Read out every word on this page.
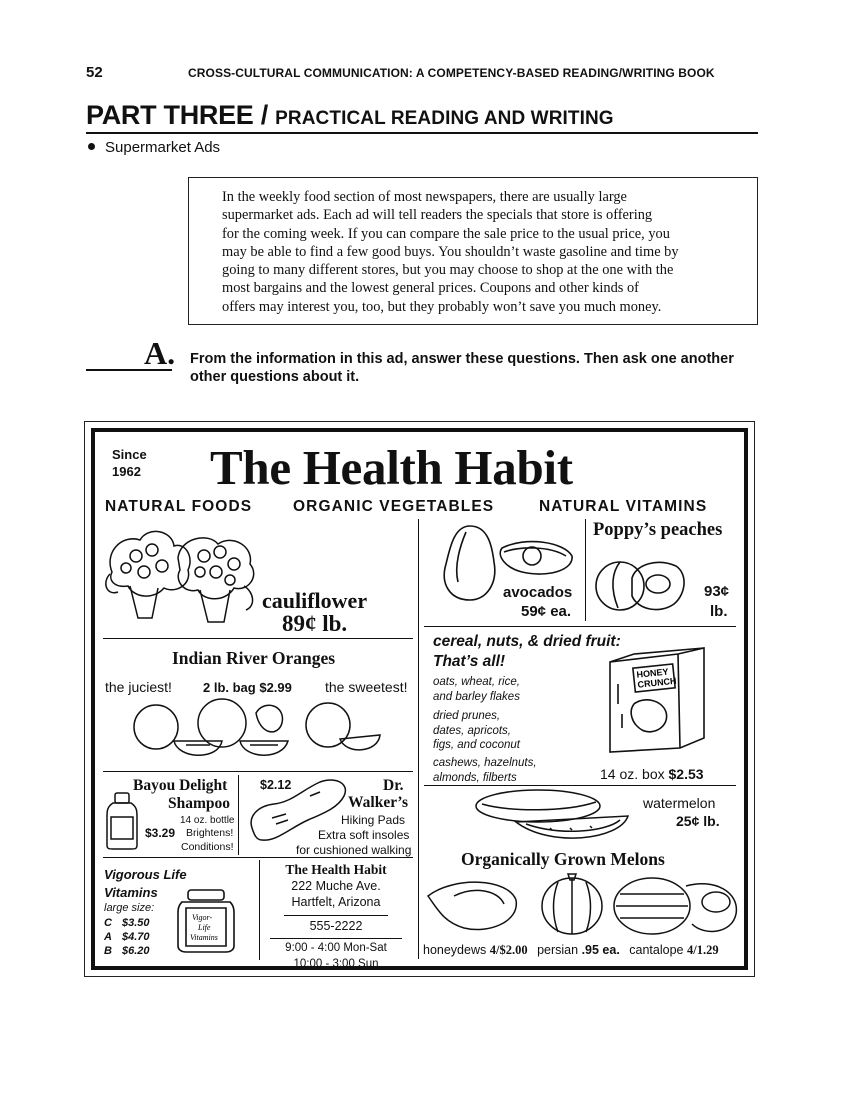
52	CROSS-CULTURAL COMMUNICATION: A COMPETENCY-BASED READING/WRITING BOOK
PART THREE / PRACTICAL READING AND WRITING
Supermarket Ads
In the weekly food section of most newspapers, there are usually large
supermarket ads. Each ad will tell readers the specials that store is offering
for the coming week. If you can compare the sale price to the usual price, you
may be able to find a few good buys. You shouldn’t waste gasoline and time by
going to many different stores, but you may choose to shop at the one with the
most bargains and the lowest general prices. Coupons and other kinds of
offers may interest you, too, but they probably won’t save you much money.
A. From the information in this ad, answer these questions. Then ask one another
other questions about it.
Since
1962 The Health Habit
NATURAL FOODS	ORGANIC VEGETABLES	NATURAL VITAMINS
cauliflower
89¢ lb.
avocados
59¢ ea.
Poppy’s peaches
93¢
lb.
Indian River Oranges
the juciest! 2 lb. bag $2.99 the sweetest!
cereal, nuts, & dried fruit:
That’s all!
oats, wheat, rice,
and barley flakes
dried prunes,
dates, apricots,
figs, and coconut
cashews, hazelnuts,
almonds, filberts
HONEY
CRUNCH
14 oz. box $2.53
Bayou Delight
Shampoo
14 oz. bottle
$3.29 Brightens!
Conditions!
$2.12	Dr.
Walker’s
Hiking Pads
Extra soft insoles
for cushioned walking
watermelon
25¢ lb.
Organically Grown Melons
honeydews 4/$2.00 persian .95 ea. cantalope 4/1.29
Vigorous Life
Vitamins
large size:
C $3.50
A $4.70
B $6.20
Vigor-
Life
Vitamins
The Health Habit
222 Muche Ave.
Hartfelt, Arizona
555-2222
9:00 - 4:00 Mon-Sat
10:00 - 3:00 Sun
